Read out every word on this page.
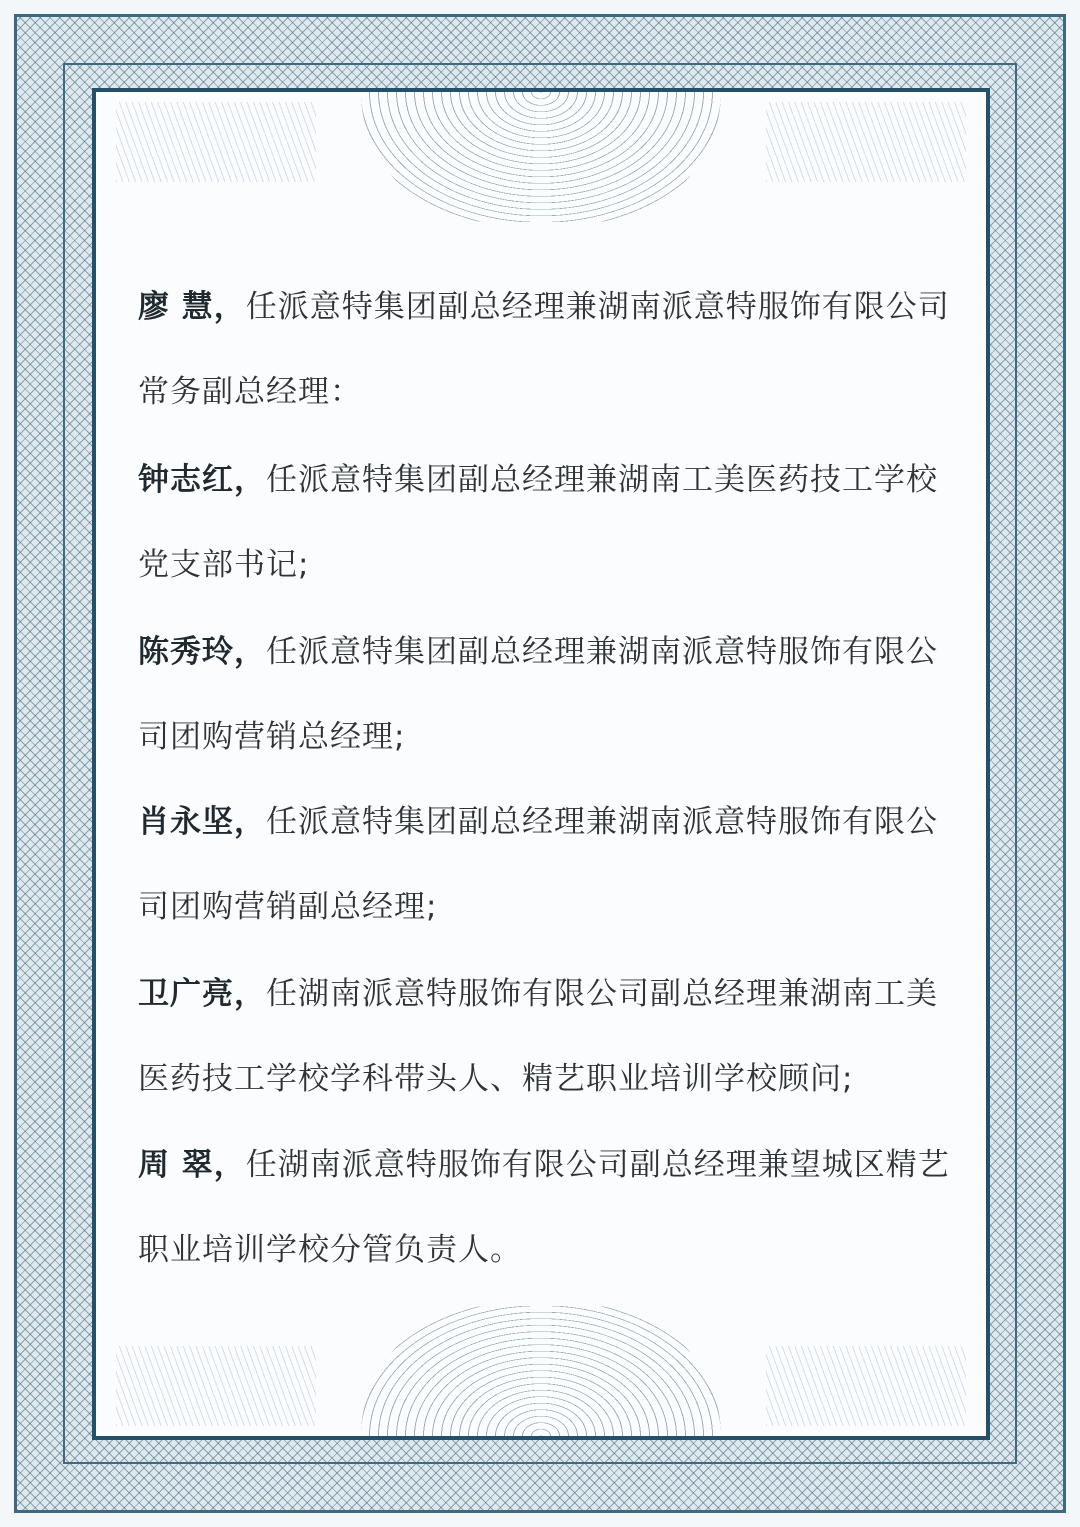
廖 慧，任派意特集团副总经理兼湖南派意特服饰有限公司
常务副总经理：
钟志红，任派意特集团副总经理兼湖南工美医药技工学校
党支部书记;
陈秀玲，任派意特集团副总经理兼湖南派意特服饰有限公
司团购营销总经理;
肖永坚，任派意特集团副总经理兼湖南派意特服饰有限公
司团购营销副总经理;
卫广亮，任湖南派意特服饰有限公司副总经理兼湖南工美
医药技工学校学科带头人、精艺职业培训学校顾问;
周 翠，任湖南派意特服饰有限公司副总经理兼望城区精艺
职业培训学校分管负责人。
